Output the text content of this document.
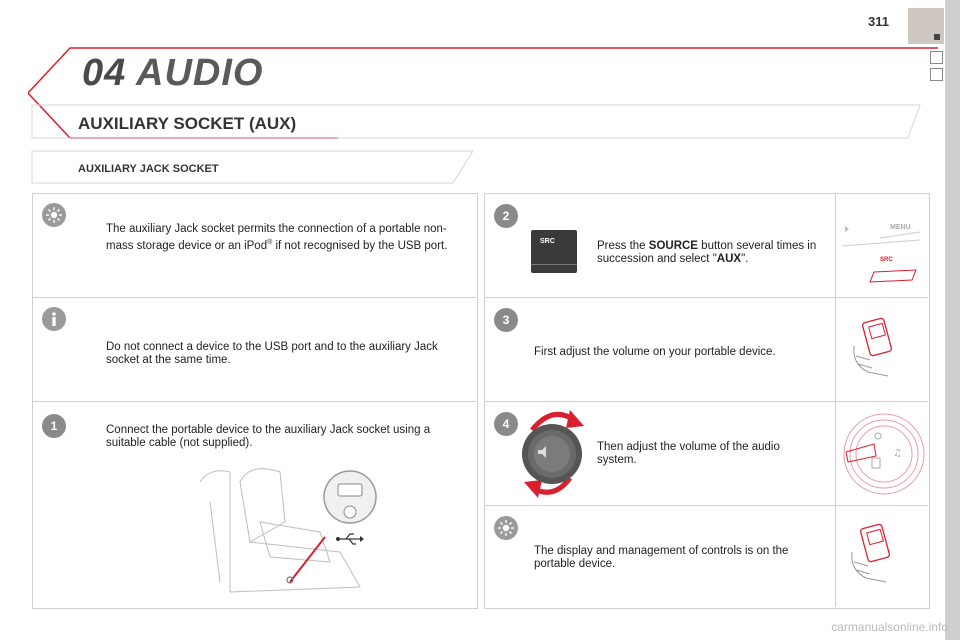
311
04 AUDIO
AUXILIARY SOCKET (AUX)
AUXILIARY JACK SOCKET
The auxiliary Jack socket permits the connection of a portable non-mass storage device or an iPod® if not recognised by the USB port.
Do not connect a device to the USB port and to the auxiliary Jack socket at the same time.
1	Connect the portable device to the auxiliary Jack socket using a suitable cable (not supplied).
2
SRC	Press the SOURCE button several times in succession and select "AUX".
MENU
SRC
3
First adjust the volume on your portable device.
4
Then adjust the volume of the audio system.
♫
The display and management of controls is on the portable device.
carmanualsonline.info
